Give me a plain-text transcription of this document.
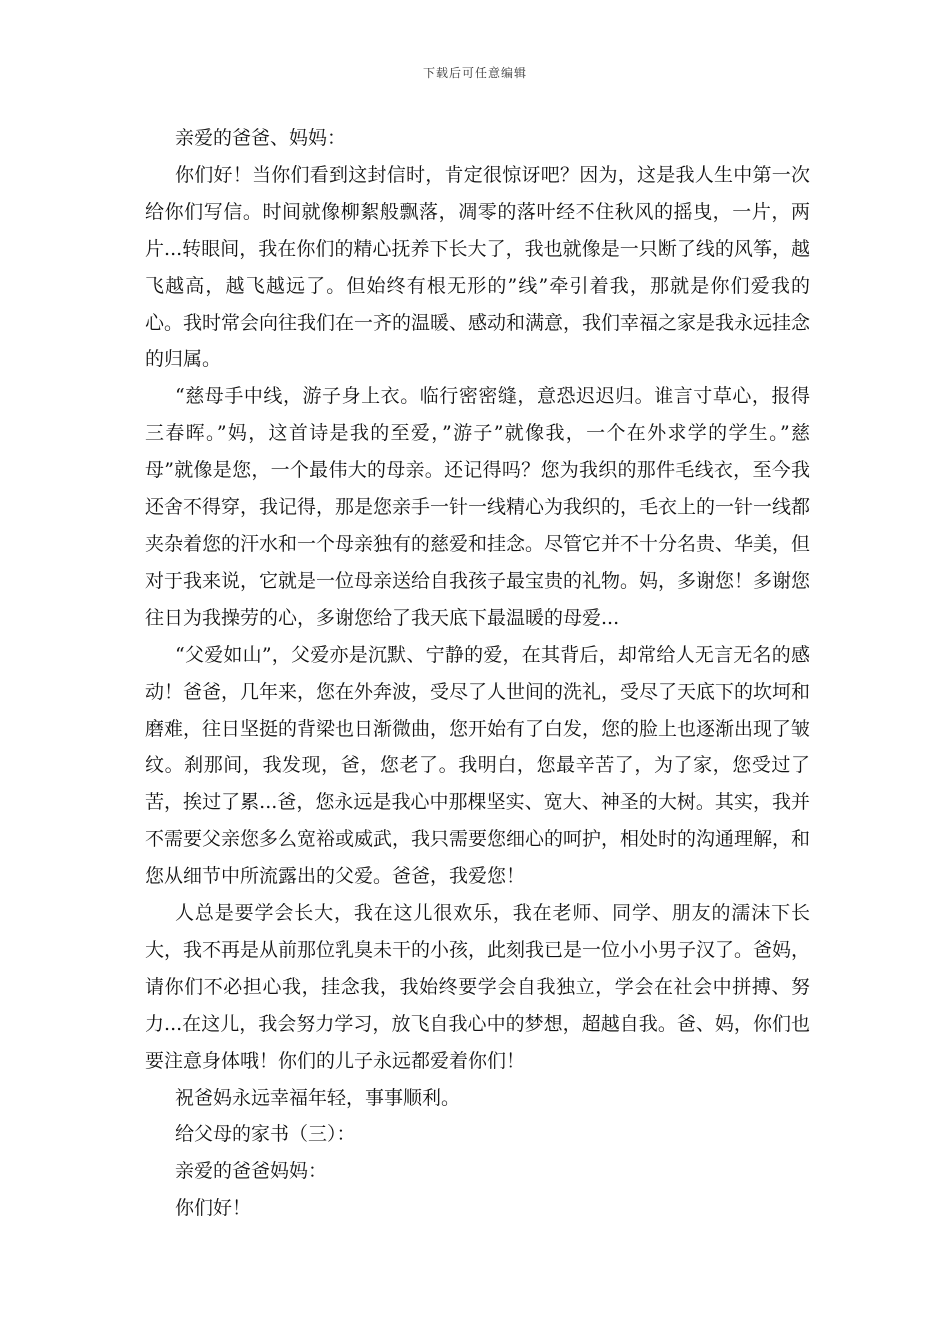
下载后可任意编辑

亲爱的爸爸、妈妈：

你们好！当你们看到这封信时，肯定很惊讶吧？因为，这是我人生中第一次给你们写信。时间就像柳絮般飘落，凋零的落叶经不住秋风的摇曳，一片，两片...转眼间，我在你们的精心抚养下长大了，我也就像是一只断了线的风筝，越飞越高，越飞越远了。但始终有根无形的”线”牵引着我，那就是你们爱我的心。我时常会向往我们在一齐的温暖、感动和满意，我们幸福之家是我永远挂念的归属。

“慈母手中线，游子身上衣。临行密密缝，意恐迟迟归。谁言寸草心，报得三春晖。”妈，这首诗是我的至爱，”游子”就像我，一个在外求学的学生。”慈母”就像是您，一个最伟大的母亲。还记得吗？您为我织的那件毛线衣，至今我还舍不得穿，我记得，那是您亲手一针一线精心为我织的，毛衣上的一针一线都夹杂着您的汗水和一个母亲独有的慈爱和挂念。尽管它并不十分名贵、华美，但对于我来说，它就是一位母亲送给自我孩子最宝贵的礼物。妈，多谢您！多谢您往日为我操劳的心，多谢您给了我天底下最温暖的母爱...

“父爱如山”，父爱亦是沉默、宁静的爱，在其背后，却常给人无言无名的感动！爸爸，几年来，您在外奔波，受尽了人世间的洗礼，受尽了天底下的坎坷和磨难，往日坚挺的背梁也日渐微曲，您开始有了白发，您的脸上也逐渐出现了皱纹。刹那间，我发现，爸，您老了。我明白，您最辛苦了，为了家，您受过了苦，挨过了累...爸，您永远是我心中那棵坚实、宽大、神圣的大树。其实，我并不需要父亲您多么宽裕或威武，我只需要您细心的呵护，相处时的沟通理解，和您从细节中所流露出的父爱。爸爸，我爱您！

人总是要学会长大，我在这儿很欢乐，我在老师、同学、朋友的濡沫下长大，我不再是从前那位乳臭未干的小孩，此刻我已是一位小小男子汉了。爸妈，请你们不必担心我，挂念我，我始终要学会自我独立，学会在社会中拼搏、努力...在这儿，我会努力学习，放飞自我心中的梦想，超越自我。爸、妈，你们也要注意身体哦！你们的儿子永远都爱着你们！

祝爸妈永远幸福年轻，事事顺利。

给父母的家书（三）：

亲爱的爸爸妈妈：

你们好！
